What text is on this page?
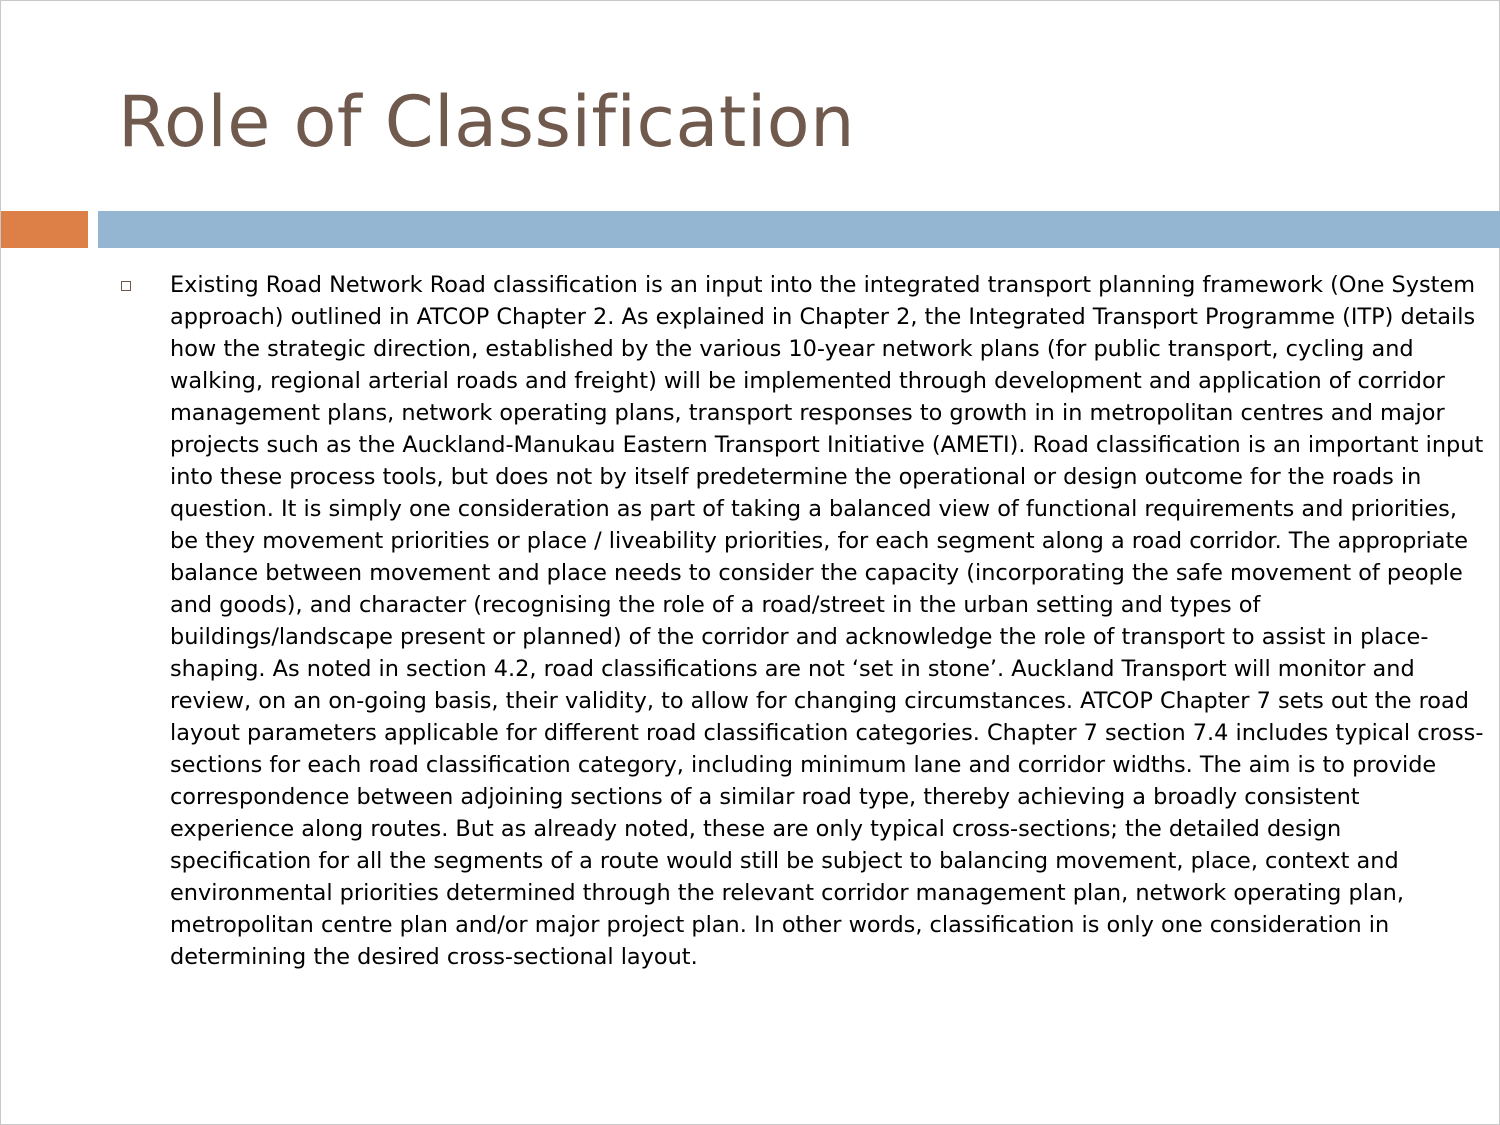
Role of Classification

Existing Road Network Road classification is an input into the integrated transport planning framework (One System approach) outlined in ATCOP Chapter 2. As explained in Chapter 2, the Integrated Transport Programme (ITP) details how the strategic direction, established by the various 10-year network plans (for public transport, cycling and walking, regional arterial roads and freight) will be implemented through development and application of corridor management plans, network operating plans, transport responses to growth in in metropolitan centres and major projects such as the Auckland-Manukau Eastern Transport Initiative (AMETI). Road classification is an important input into these process tools, but does not by itself predetermine the operational or design outcome for the roads in question. It is simply one consideration as part of taking a balanced view of functional requirements and priorities, be they movement priorities or place / liveability priorities, for each segment along a road corridor. The appropriate balance between movement and place needs to consider the capacity (incorporating the safe movement of people and goods), and character (recognising the role of a road/street in the urban setting and types of buildings/landscape present or planned) of the corridor and acknowledge the role of transport to assist in place-shaping. As noted in section 4.2, road classifications are not ‘set in stone’. Auckland Transport will monitor and review, on an on-going basis, their validity, to allow for changing circumstances. ATCOP Chapter 7 sets out the road layout parameters applicable for different road classification categories. Chapter 7 section 7.4 includes typical cross-sections for each road classification category, including minimum lane and corridor widths. The aim is to provide correspondence between adjoining sections of a similar road type, thereby achieving a broadly consistent experience along routes. But as already noted, these are only typical cross-sections; the detailed design specification for all the segments of a route would still be subject to balancing movement, place, context and environmental priorities determined through the relevant corridor management plan, network operating plan, metropolitan centre plan and/or major project plan. In other words, classification is only one consideration in determining the desired cross-sectional layout.
